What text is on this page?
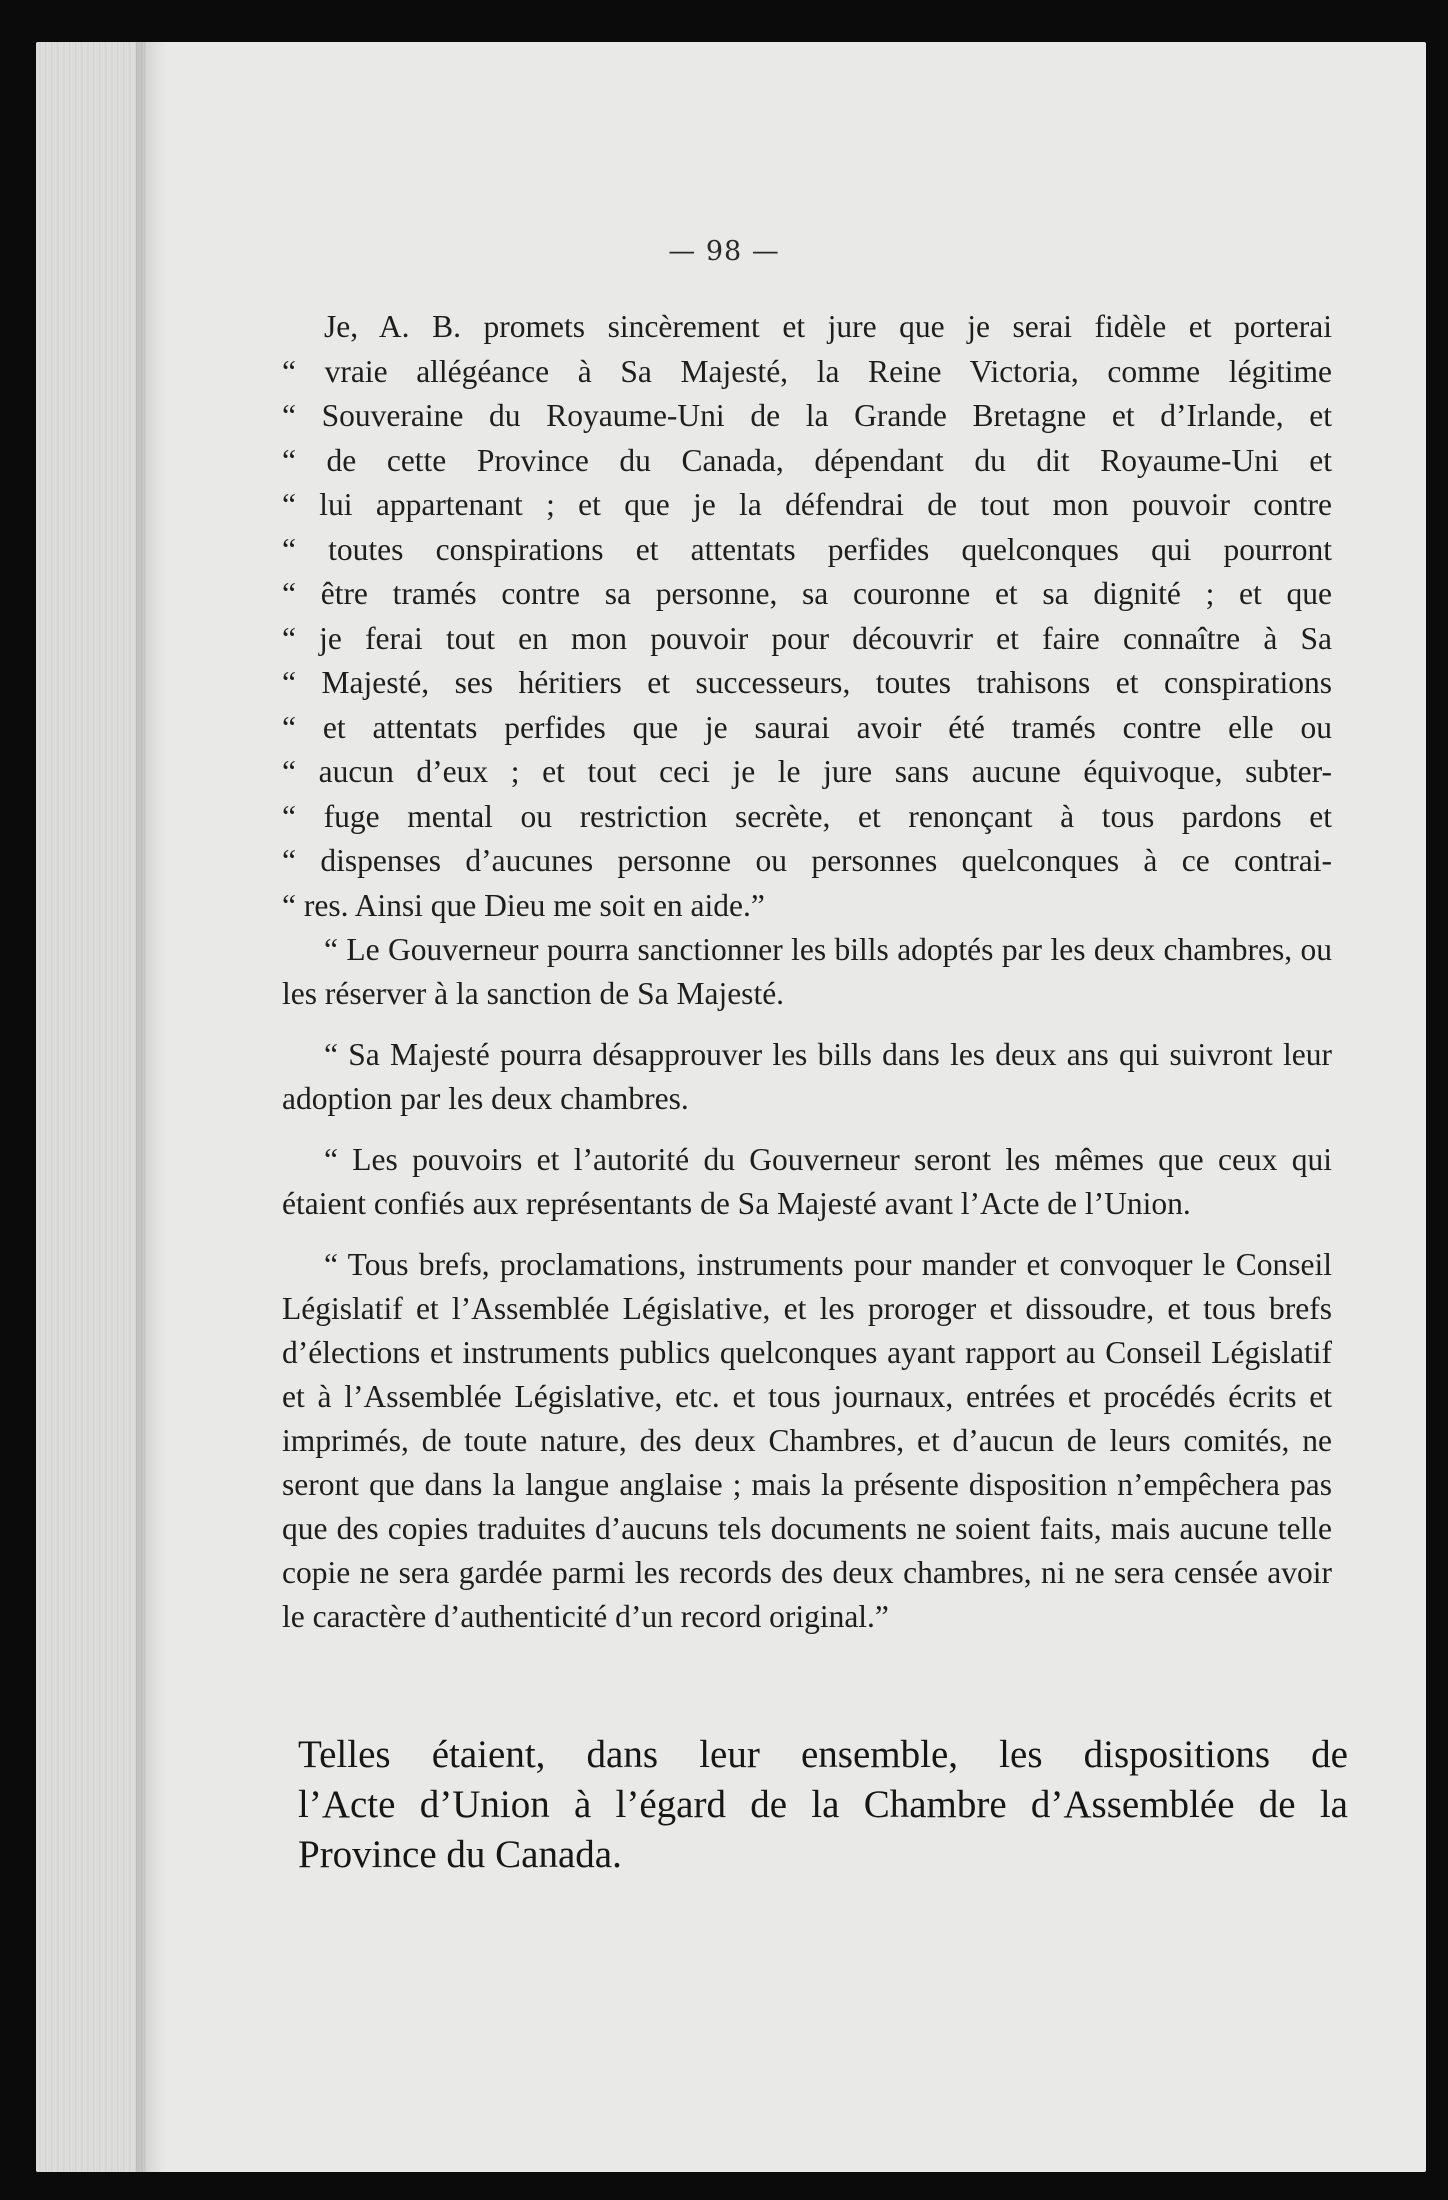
— 98 —
Je, A. B. promets sincèrement et jure que je serai fidèle et porterai
“ vraie allégéance à Sa Majesté, la Reine Victoria, comme légitime
“ Souveraine du Royaume-Uni de la Grande Bretagne et d’Irlande, et
“ de cette Province du Canada, dépendant du dit Royaume-Uni et
“ lui appartenant ; et que je la défendrai de tout mon pouvoir contre
“ toutes conspirations et attentats perfides quelconques qui pourront
“ être tramés contre sa personne, sa couronne et sa dignité ; et que
“ je ferai tout en mon pouvoir pour découvrir et faire connaître à Sa
“ Majesté, ses héritiers et successeurs, toutes trahisons et conspirations
“ et attentats perfides que je saurai avoir été tramés contre elle ou
“ aucun d’eux ; et tout ceci je le jure sans aucune équivoque, subter-
“ fuge mental ou restriction secrète, et renonçant à tous pardons et
“ dispenses d’aucunes personne ou personnes quelconques à ce contrai-
“ res. Ainsi que Dieu me soit en aide.”

“ Le Gouverneur pourra sanctionner les bills adoptés par les deux chambres, ou les réserver à la sanction de Sa Majesté.

“ Sa Majesté pourra désapprouver les bills dans les deux ans qui suivront leur adoption par les deux chambres.

“ Les pouvoirs et l’autorité du Gouverneur seront les mêmes que ceux qui étaient confiés aux représentants de Sa Majesté avant l’Acte de l’Union.

“ Tous brefs, proclamations, instruments pour mander et convoquer le Conseil Législatif et l’Assemblée Législative, et les proroger et dissoudre, et tous brefs d’élections et instruments publics quelconques ayant rapport au Conseil Législatif et à l’Assemblée Législative, etc. et tous journaux, entrées et procédés écrits et imprimés, de toute nature, des deux Chambres, et d’aucun de leurs comités, ne seront que dans la langue anglaise ; mais la présente disposition n’empêchera pas que des copies traduites d’aucuns tels documents ne soient faits, mais aucune telle copie ne sera gardée parmi les records des deux chambres, ni ne sera censée avoir le caractère d’authenticité d’un record original.”

Telles étaient, dans leur ensemble, les dispositions de
l’Acte d’Union à l’égard de la Chambre d’Assemblée de la
Province du Canada.
